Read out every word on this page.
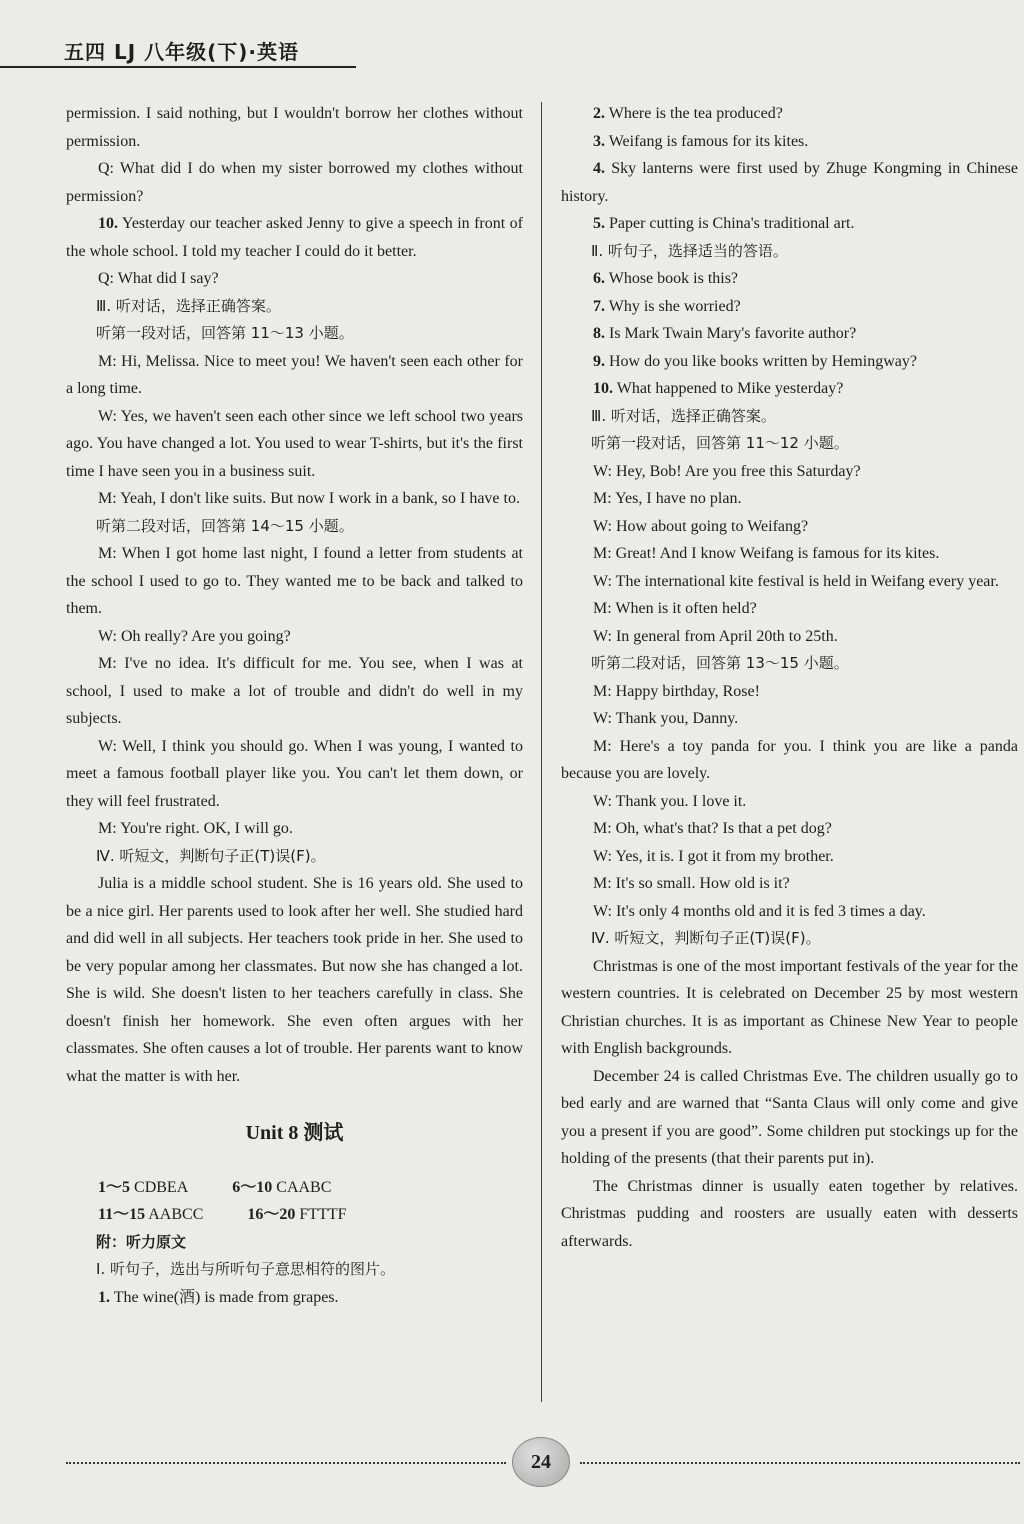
五四 LJ 八年级(下)·英语

permission. I said nothing, but I wouldn't borrow her clothes without permission.

Q: What did I do when my sister borrowed my clothes without permission?

10. Yesterday our teacher asked Jenny to give a speech in front of the whole school. I told my teacher I could do it better.

Q: What did I say?

Ⅲ. 听对话，选择正确答案。

听第一段对话，回答第 11～13 小题。

M: Hi, Melissa. Nice to meet you! We haven't seen each other for a long time.

W: Yes, we haven't seen each other since we left school two years ago. You have changed a lot. You used to wear T-shirts, but it's the first time I have seen you in a business suit.

M: Yeah, I don't like suits. But now I work in a bank, so I have to.

听第二段对话，回答第 14～15 小题。

M: When I got home last night, I found a letter from students at the school I used to go to. They wanted me to be back and talked to them.

W: Oh really? Are you going?

M: I've no idea. It's difficult for me. You see, when I was at school, I used to make a lot of trouble and didn't do well in my subjects.

W: Well, I think you should go. When I was young, I wanted to meet a famous football player like you. You can't let them down, or they will feel frustrated.

M: You're right. OK, I will go.

Ⅳ. 听短文，判断句子正(T)误(F)。

Julia is a middle school student. She is 16 years old. She used to be a nice girl. Her parents used to look after her well. She studied hard and did well in all subjects. Her teachers took pride in her. She used to be very popular among her classmates. But now she has changed a lot. She is wild. She doesn't listen to her teachers carefully in class. She doesn't finish her homework. She even often argues with her classmates. She often causes a lot of trouble. Her parents want to know what the matter is with her.

Unit 8 测试

1～5 CDBEA	6～10 CAABC

11～15 AABCC	16～20 FTTTF

附：听力原文

Ⅰ. 听句子，选出与所听句子意思相符的图片。

1. The wine(酒) is made from grapes.

2. Where is the tea produced?

3. Weifang is famous for its kites.

4. Sky lanterns were first used by Zhuge Kongming in Chinese history.

5. Paper cutting is China's traditional art.

Ⅱ. 听句子，选择适当的答语。

6. Whose book is this?

7. Why is she worried?

8. Is Mark Twain Mary's favorite author?

9. How do you like books written by Hemingway?

10. What happened to Mike yesterday?

Ⅲ. 听对话，选择正确答案。

听第一段对话，回答第 11～12 小题。

W: Hey, Bob! Are you free this Saturday?

M: Yes, I have no plan.

W: How about going to Weifang?

M: Great! And I know Weifang is famous for its kites.

W: The international kite festival is held in Weifang every year.

M: When is it often held?

W: In general from April 20th to 25th.

听第二段对话，回答第 13～15 小题。

M: Happy birthday, Rose!

W: Thank you, Danny.

M: Here's a toy panda for you. I think you are like a panda because you are lovely.

W: Thank you. I love it.

M: Oh, what's that? Is that a pet dog?

W: Yes, it is. I got it from my brother.

M: It's so small. How old is it?

W: It's only 4 months old and it is fed 3 times a day.

Ⅳ. 听短文，判断句子正(T)误(F)。

Christmas is one of the most important festivals of the year for the western countries. It is celebrated on December 25 by most western Christian churches. It is as important as Chinese New Year to people with English backgrounds.

December 24 is called Christmas Eve. The children usually go to bed early and are warned that “Santa Claus will only come and give you a present if you are good”. Some children put stockings up for the holding of the presents (that their parents put in).

The Christmas dinner is usually eaten together by relatives. Christmas pudding and roosters are usually eaten with desserts afterwards.

24
